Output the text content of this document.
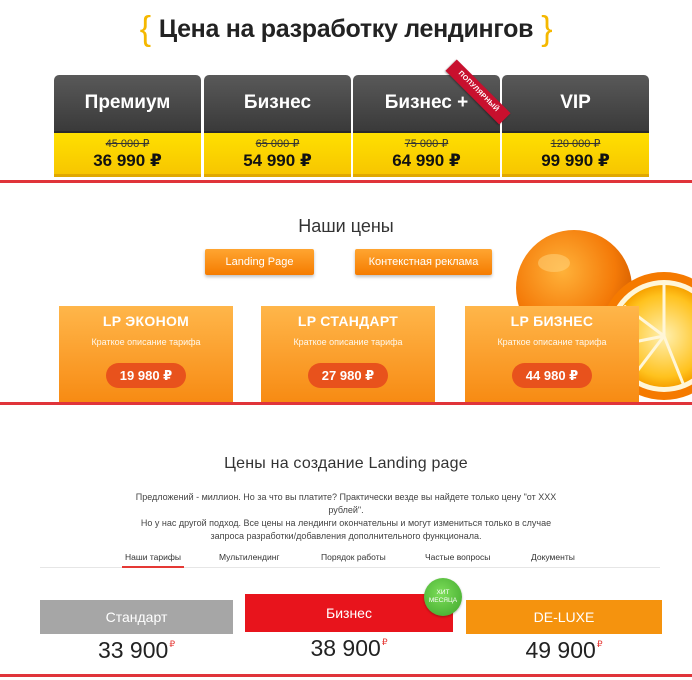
{ Цена на разработку лендингов }
Премиум
45 000 ₽
36 990 ₽
Бизнес
65 000 ₽
54 990 ₽
Бизнес +
75 000 ₽
64 990 ₽
VIP
120 000 ₽
99 990 ₽
ПОПУЛЯРНЫЙ
Наши цены
Landing Page	Контекстная реклама
LP ЭКОНОМ
Краткое описание тарифа
19 980 ₽
LP СТАНДАРТ
Краткое описание тарифа
27 980 ₽
LP БИЗНЕС
Краткое описание тарифа
44 980 ₽
Цены на создание Landing page
Предложений - миллион. Но за что вы платите? Практически везде вы найдете только цену "от ХХХ рублей".
Но у нас другой подход. Все цены на лендинги окончательны и могут измениться только в случае
запроса разработки/добавления дополнительного функционала.
Наши тарифы	Мультилендинг	Порядок работы	Частые вопросы	Документы
Стандарт
33 900₽
Бизнес
38 900₽
DE-LUXE
49 900₽
ХИТ
МЕСЯЦА
